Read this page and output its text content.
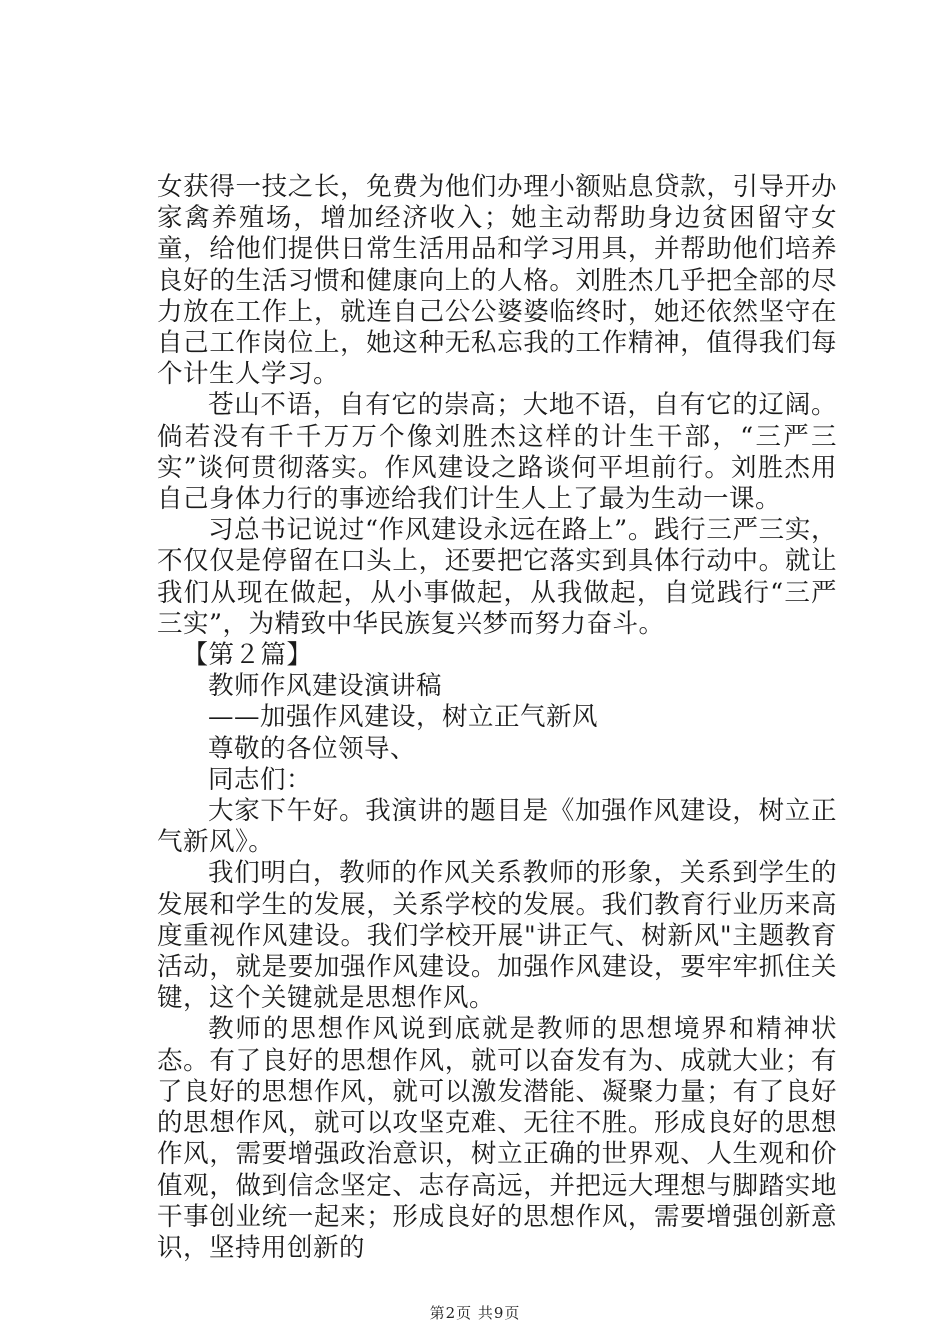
女获得一技之长，免费为他们办理小额贴息贷款，引导开办家禽养殖场，增加经济收入；她主动帮助身边贫困留守女童，给他们提供日常生活用品和学习用具，并帮助他们培养良好的生活习惯和健康向上的人格。刘胜杰几乎把全部的尽力放在工作上，就连自己公公婆婆临终时，她还依然坚守在自己工作岗位上，她这种无私忘我的工作精神，值得我们每个计生人学习。

苍山不语，自有它的崇高；大地不语，自有它的辽阔。倘若没有千千万万个像刘胜杰这样的计生干部，“三严三实”谈何贯彻落实。作风建设之路谈何平坦前行。刘胜杰用自己身体力行的事迹给我们计生人上了最为生动一课。

习总书记说过“作风建设永远在路上”。践行三严三实，不仅仅是停留在口头上，还要把它落实到具体行动中。就让我们从现在做起，从小事做起，从我做起，自觉践行“三严三实”，为精致中华民族复兴梦而努力奋斗。

【第２篇】

教师作风建设演讲稿

——加强作风建设，树立正气新风

尊敬的各位领导、

同志们：

大家下午好。我演讲的题目是《加强作风建设，树立正气新风》。

我们明白，教师的作风关系教师的形象，关系到学生的发展和学生的发展，关系学校的发展。我们教育行业历来高度重视作风建设。我们学校开展"讲正气、树新风"主题教育活动，就是要加强作风建设。加强作风建设，要牢牢抓住关键，这个关键就是思想作风。

教师的思想作风说到底就是教师的思想境界和精神状态。有了良好的思想作风，就可以奋发有为、成就大业；有了良好的思想作风，就可以激发潜能、凝聚力量；有了良好的思想作风，就可以攻坚克难、无往不胜。形成良好的思想作风，需要增强政治意识，树立正确的世界观、人生观和价值观，做到信念坚定、志存高远，并把远大理想与脚踏实地干事创业统一起来；形成良好的思想作风，需要增强创新意识，坚持用创新的

第2页 共9页
